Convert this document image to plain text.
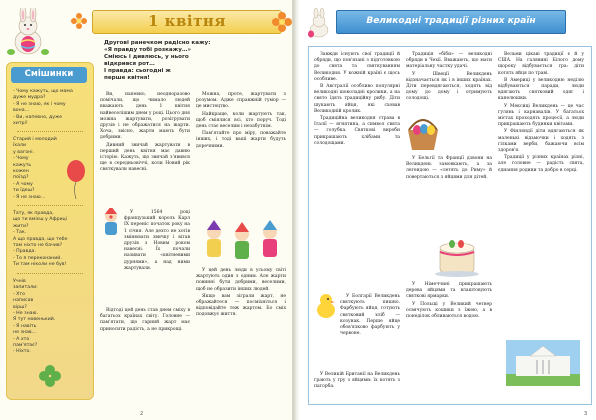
1 квітня
Другові ранечком радісно кажу:
«Я правду тобі розкажу…»
Сміюсь і дивлюсь, у нього
відкрився рот…
І правда: сьогодні ж
перше квітня!
Смішинки

- Чому кажуть, що мама

дуже мудра?

- Я не знаю, як і чому

вона…

- Ви, напевно, дуже

хитрі!

Старий і молодий

їхали

у вагоні.

- Чому

кажуть

кожен

поїзд?

- А чому

ти їдеш?

- Я не знаю…

Тату, як правда,

що ти вмієш у Африці

жити?

- Так.

А що правда, що тебе

там ніхто не бачив?

- Правда.

- То я переконаний.

Ти там ніколи не був!

Учнів

запитали:

- Хто

написав

вірш?

- Не знаю.

Я тут новенький.

- Я навіть

не знав…

- А хто

пам'ятає?

- Ніхто.

Ви, напевно, неодноразово помічали, що чимало людей вважають день 1 квітня найвеселішим днем у році. Цього дня можна жартувати, розігрувати друзів і не ображатися на жарти. Хоча, звісно, жарти мають бути добрими.

Дивний звичай жартувати в перший день квітня має давню історію. Кажуть, що звичай з'явився ще в середньовіччі, коли Новий рік святкували навесні.

У 1564 році французький король Карл IX переніс початок року на 1 січня. Але дехто не хотів змінювати звичку і вітав друзів з Новим роком навесні. Їх почали називати «квітневими дурнями», а над ними жартували.

Відтоді цей день став днем сміху в багатьох країнах світу. Головне — пам'ятати, що гарний жарт має приносити радість, а не прикрощі.

Можна, проте, жартувати з розумом. Адже справжній гумор — це мистецтво.

Найкраще, коли жартують так, щоб сміялися всі, хто поруч. Тоді день стає веселим і незабутнім.

Пам'ятайте про міру, поважайте інших, і тоді ваші жарти будуть доречними.

У цей день люди в усьому світі жартують один з одним. Але жарти повинні бути добрими, веселими, щоб не образити інших людей.

Якщо вам зіграли жарт, не ображайтеся — посміхніться і відповідайте теж жартом. Бо сміх подовжує життя.

2
Великодні традиції різних країн

Завжди існують свої традиції й обряди, що пов'язані з підготовкою до свята та святкуванням Великодня. У кожній країні є щось особливе.

В Австралії особливо популярні великодні шоколадні кролики, а на свято їдять традиційну рибу. Діти шукають яйця, які сховав Великодній кролик.

Традиційна великодня страва в Італії — ягнятина, а символ свята — голубка. Святкові вироби прикрашають хлібами та солодощами.

У Болгарії Великдень святкують пишно. Фарбують яйця, готують святковий хліб — козунак. Перше яйце обов'язково фарбують у червоне.

У Великій Британії на Великдень грають у гру з яйцями: їх котять з пагорба.

Традиція «біби» — великодні обряди в Чехії. Вважають, що мати матеріальну частку удачі.

У Швеції Великдень відзначається як і в інших країнах. Діти перевдягаються, ходять від дому до дому і отримують солодощі.

У Бельгії та Франції дзвони на Великдень замовкають, а за легендою — «летять до Риму» й повертаються з яйцями для дітей.

У Німеччині прикрашають дерева яйцями та влаштовують святкові ярмарки.

У Польщі у Великий четвер освячують кошики з їжею, а в понеділок обливаються водою.

Вельми цікаві традиції є й у США. На галявині Білого дому щороку відбувається гра: діти котять яйця по траві.

В Америці у великодню неділю відбуваються паради, люди вдягають святковий одяг і капелюшки.

У Мексиці Великдень — це час гулянь і карнавалів. У багатьох містах проходять процесії, а люди прикрашають будинки квітами.

У Фінляндії діти вдягаються як маленькі відьмочки і ходять з гілками верби, бажаючи всім здоров'я.

Традиції у різних країнах різні, але головне — радість свята, єднання родини та добро в серці.

3
